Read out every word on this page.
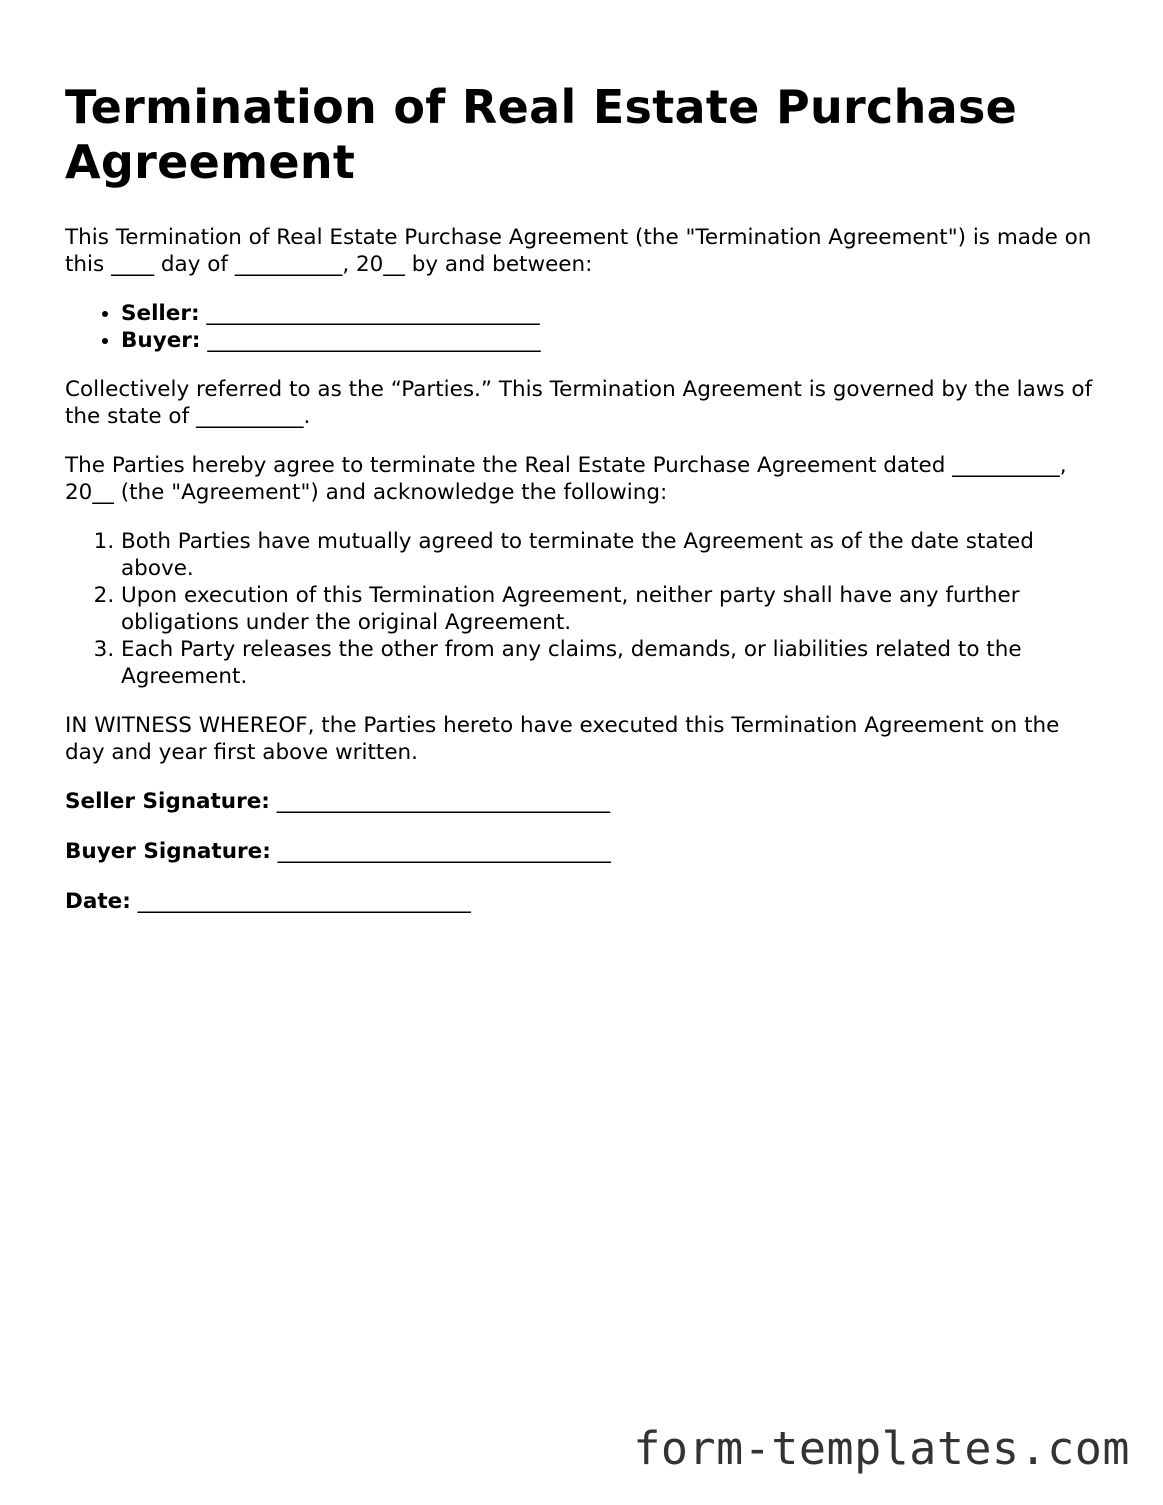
Termination of Real Estate Purchase Agreement

This Termination of Real Estate Purchase Agreement (the "Termination Agreement") is made on this ____ day of __________, 20__ by and between:

• Seller: _______________________________
• Buyer: _______________________________

Collectively referred to as the “Parties.” This Termination Agreement is governed by the laws of the state of __________.

The Parties hereby agree to terminate the Real Estate Purchase Agreement dated __________, 20__ (the "Agreement") and acknowledge the following:

1. Both Parties have mutually agreed to terminate the Agreement as of the date stated above.
2. Upon execution of this Termination Agreement, neither party shall have any further obligations under the original Agreement.
3. Each Party releases the other from any claims, demands, or liabilities related to the Agreement.

IN WITNESS WHEREOF, the Parties hereto have executed this Termination Agreement on the day and year first above written.

Seller Signature: _______________________________
Buyer Signature: _______________________________
Date: _______________________________
form-templates.com
